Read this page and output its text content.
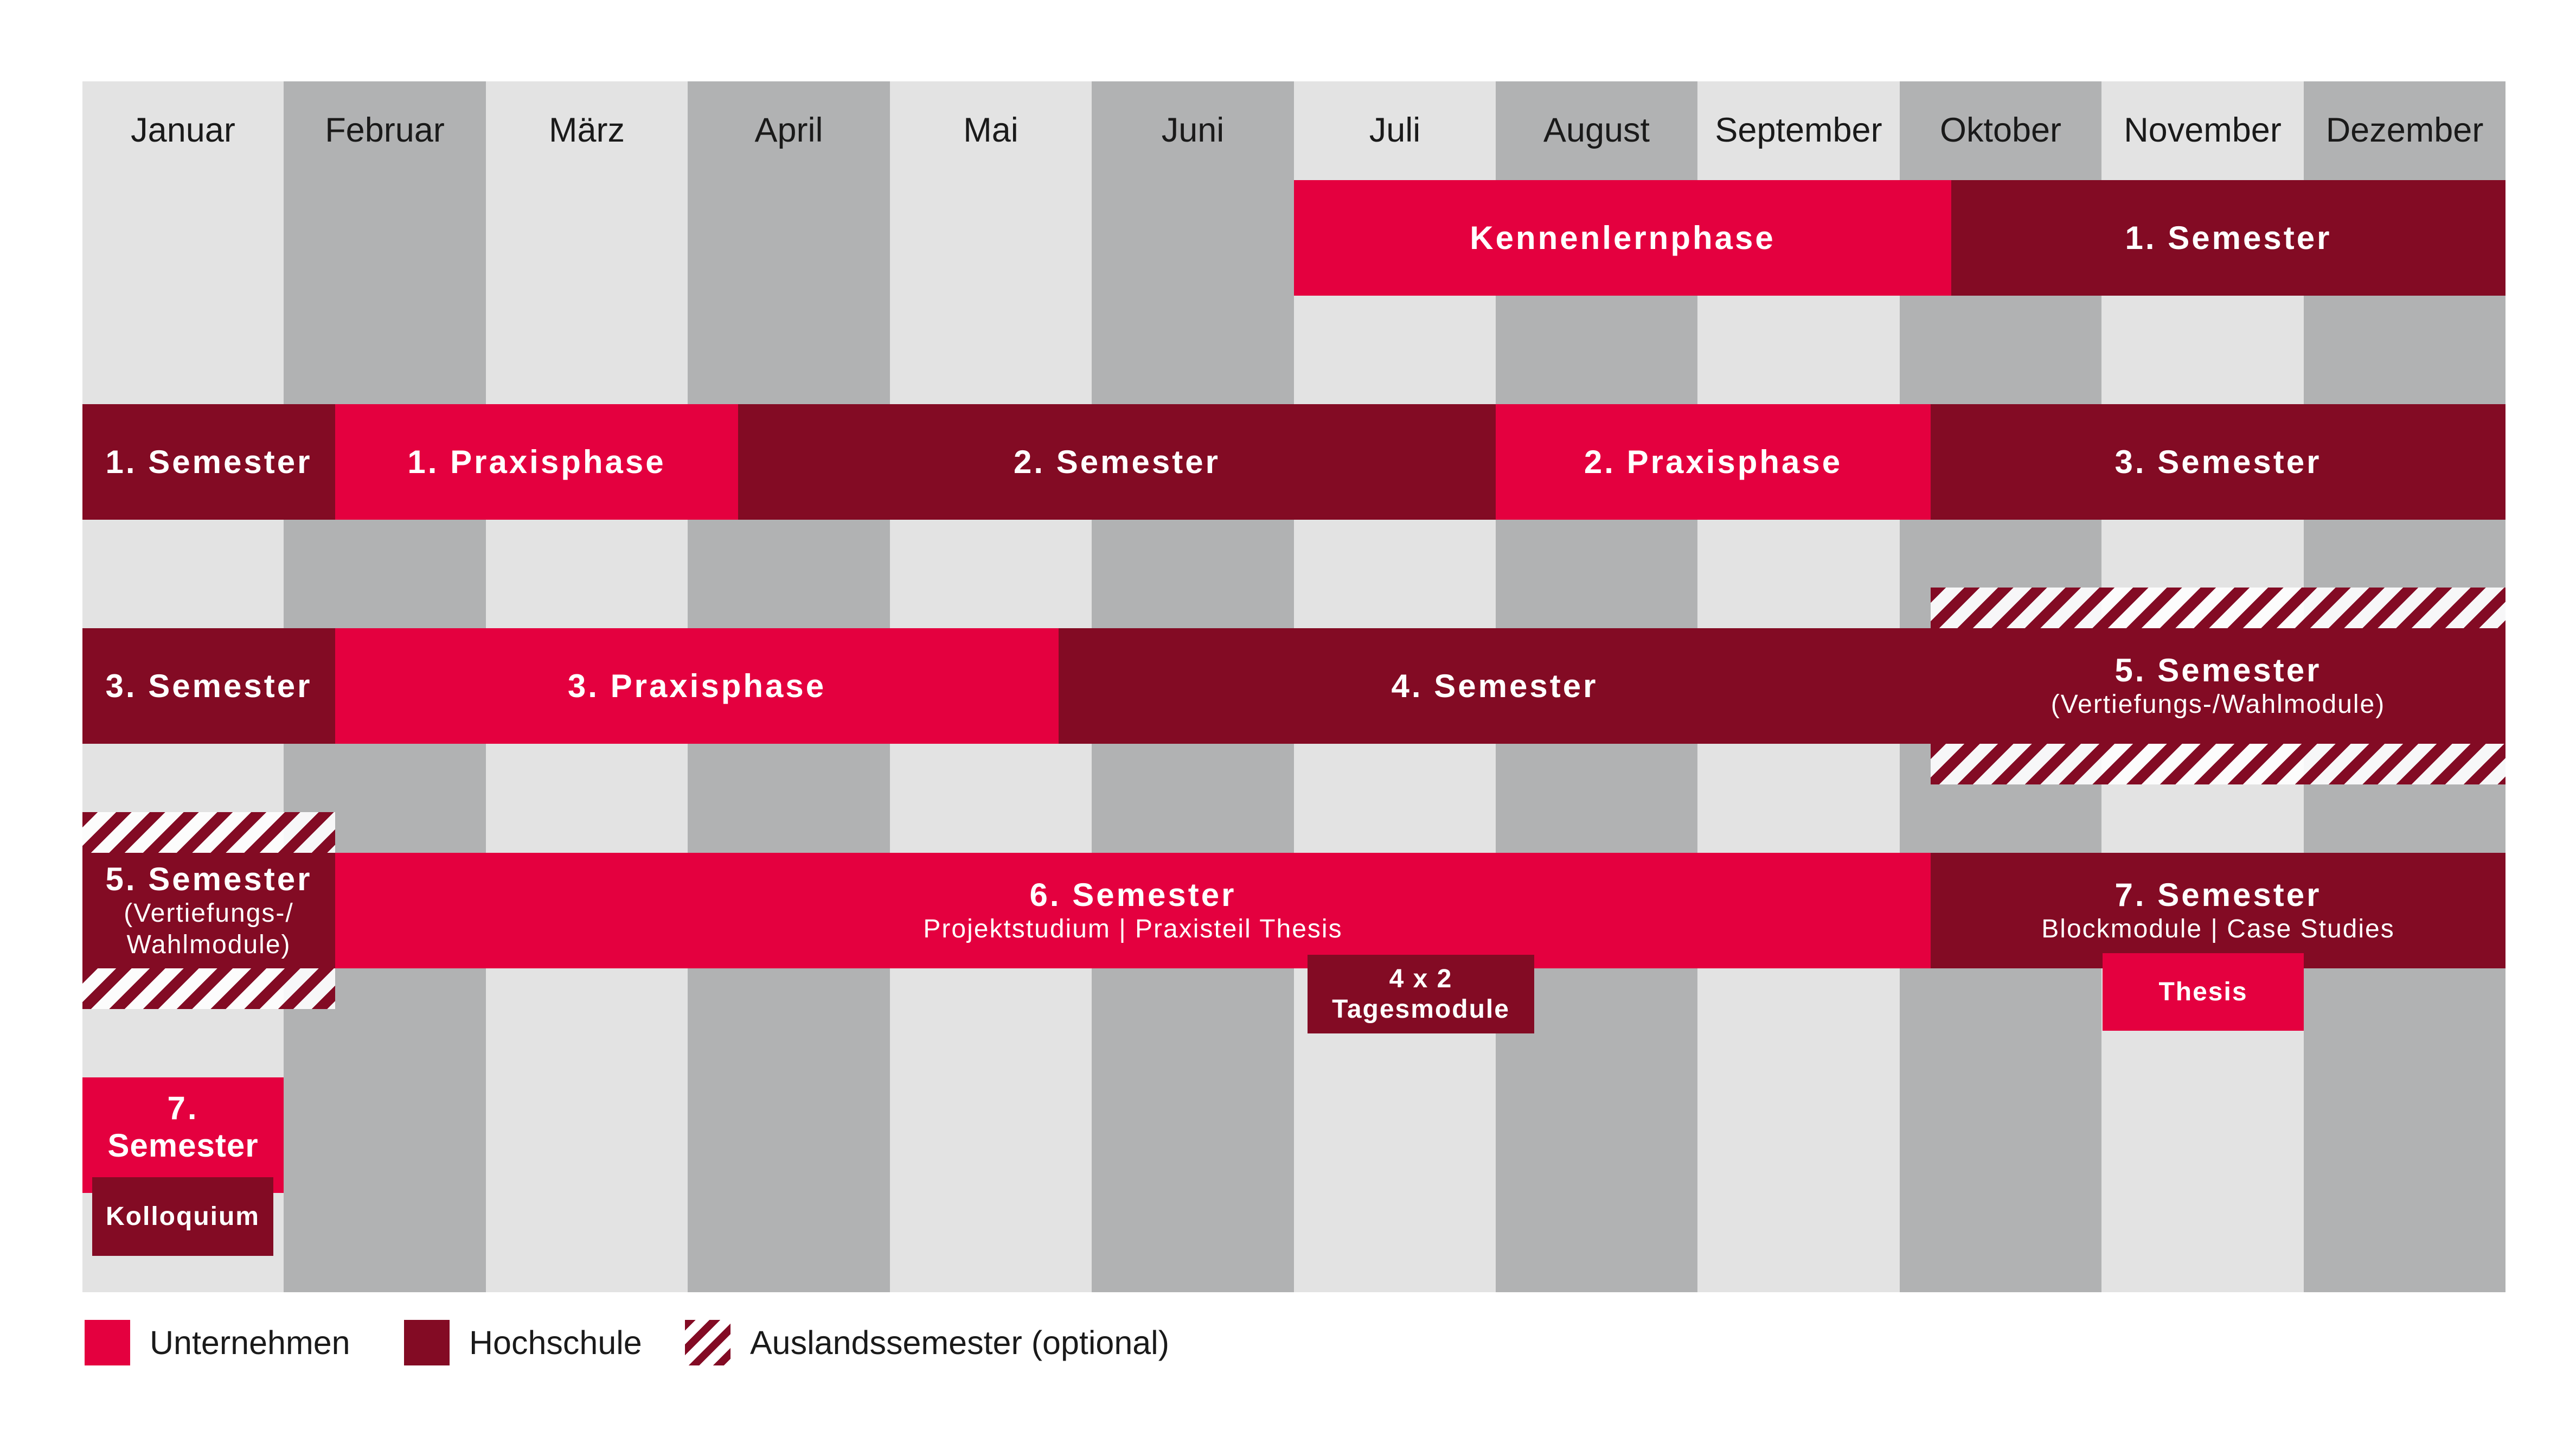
Januar	Februar	März	April	Mai	Juni	Juli	August	September	Oktober	November	Dezember
Kennenlernphase	1. Semester
1. Semester	1. Praxisphase	2. Semester	2. Praxisphase	3. Semester
3. Semester	3. Praxisphase	4. Semester	5. Semester
(Vertiefungs-/Wahlmodule)
5. Semester
(Vertiefungs-/
Wahlmodule)
6. Semester
Projektstudium | Praxisteil Thesis
4 x 2
Tagesmodule
7. Semester
Blockmodule | Case Studies
Thesis
7.
Semester
Kolloquium
Unternehmen	Hochschule	Auslandssemester (optional)
